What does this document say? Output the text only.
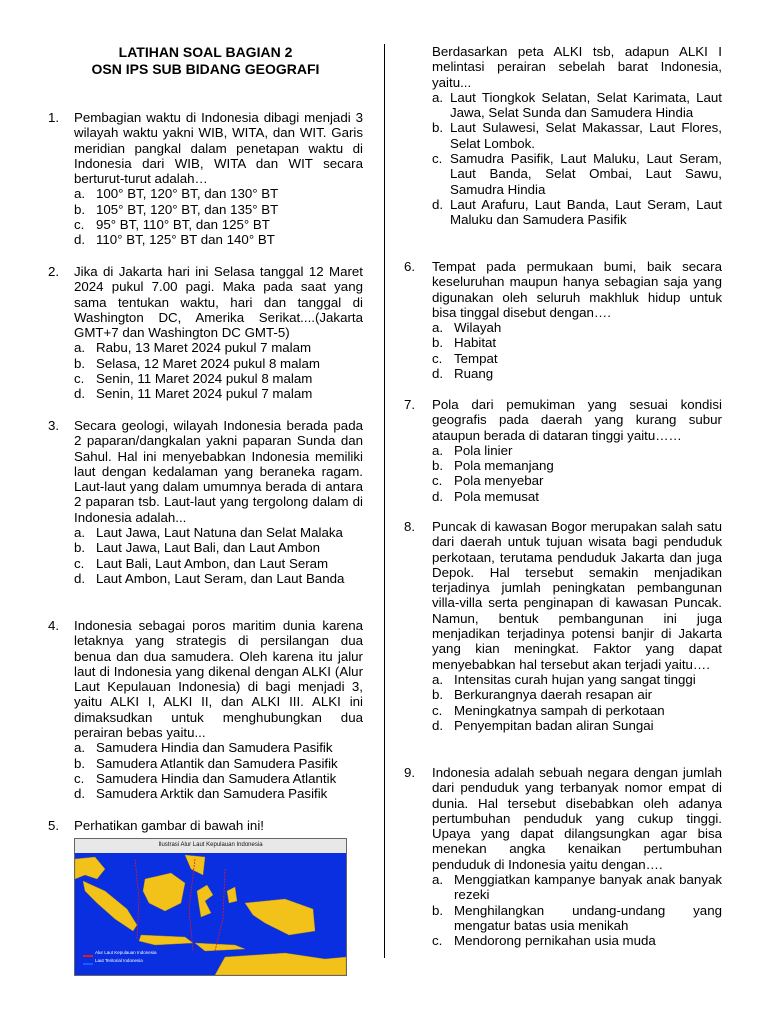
LATIHAN SOAL BAGIAN 2
OSN IPS SUB BIDANG GEOGRAFI
1. Pembagian waktu di Indonesia dibagi menjadi 3 wilayah waktu yakni WIB, WITA, dan WIT. Garis meridian pangkal dalam penetapan waktu di Indonesia dari WIB, WITA dan WIT secara berturut-turut adalah…
a. 100° BT, 120° BT, dan 130° BT
b. 105° BT, 120° BT, dan 135° BT
c. 95° BT, 110° BT, dan 125° BT
d. 110° BT, 125° BT dan 140° BT
2. Jika di Jakarta hari ini Selasa tanggal 12 Maret 2024 pukul 7.00 pagi. Maka pada saat yang sama tentukan waktu, hari dan tanggal di Washington DC, Amerika Serikat....(Jakarta GMT+7 dan Washington DC GMT-5)
a. Rabu, 13 Maret 2024 pukul 7 malam
b. Selasa, 12 Maret 2024 pukul 8 malam
c. Senin, 11 Maret 2024 pukul 8 malam
d. Senin, 11 Maret 2024 pukul 7 malam
3. Secara geologi, wilayah Indonesia berada pada 2 paparan/dangkalan yakni paparan Sunda dan Sahul. Hal ini menyebabkan Indonesia memiliki laut dengan kedalaman yang beraneka ragam. Laut-laut yang dalam umumnya berada di antara 2 paparan tsb. Laut-laut yang tergolong dalam di Indonesia adalah...
a. Laut Jawa, Laut Natuna dan Selat Malaka
b. Laut Jawa, Laut Bali, dan Laut Ambon
c. Laut Bali, Laut Ambon, dan Laut Seram
d. Laut Ambon, Laut Seram, dan Laut Banda
4. Indonesia sebagai poros maritim dunia karena letaknya yang strategis di persilangan dua benua dan dua samudera. Oleh karena itu jalur laut di Indonesia yang dikenal dengan ALKI (Alur Laut Kepulauan Indonesia) di bagi menjadi 3, yaitu ALKI I, ALKI II, dan ALKI III. ALKI ini dimaksudkan untuk menghubungkan dua perairan bebas yaitu...
a. Samudera Hindia dan Samudera Pasifik
b. Samudera Atlantik dan Samudera Pasifik
c. Samudera Hindia dan Samudera Atlantik
d. Samudera Arktik dan Samudera Pasifik
5. Perhatikan gambar di bawah ini!
Ilustrasi Alur Laut Kepulauan Indonesia
Alur Laut Kepulauan Indonesia
Laut Teritorial Indonesia
Berdasarkan peta ALKI tsb, adapun ALKI I melintasi perairan sebelah barat Indonesia, yaitu...
a. Laut Tiongkok Selatan, Selat Karimata, Laut Jawa, Selat Sunda dan Samudera Hindia
b. Laut Sulawesi, Selat Makassar, Laut Flores, Selat Lombok.
c. Samudra Pasifik, Laut Maluku, Laut Seram, Laut Banda, Selat Ombai, Laut Sawu, Samudra Hindia
d. Laut Arafuru, Laut Banda, Laut Seram, Laut Maluku dan Samudera Pasifik
6. Tempat pada permukaan bumi, baik secara keseluruhan maupun hanya sebagian saja yang digunakan oleh seluruh makhluk hidup untuk bisa tinggal disebut dengan….
a. Wilayah
b. Habitat
c. Tempat
d. Ruang
7. Pola dari pemukiman yang sesuai kondisi geografis pada daerah yang kurang subur ataupun berada di dataran tinggi yaitu……
a. Pola linier
b. Pola memanjang
c. Pola menyebar
d. Pola memusat
8. Puncak di kawasan Bogor merupakan salah satu dari daerah untuk tujuan wisata bagi penduduk perkotaan, terutama penduduk Jakarta dan juga Depok. Hal tersebut semakin menjadikan terjadinya jumlah peningkatan pembangunan villa-villa serta penginapan di kawasan Puncak. Namun, bentuk pembangunan ini juga menjadikan terjadinya potensi banjir di Jakarta yang kian meningkat. Faktor yang dapat menyebabkan hal tersebut akan terjadi yaitu….
a. Intensitas curah hujan yang sangat tinggi
b. Berkurangnya daerah resapan air
c. Meningkatnya sampah di perkotaan
d. Penyempitan badan aliran Sungai
9. Indonesia adalah sebuah negara dengan jumlah dari penduduk yang terbanyak nomor empat di dunia. Hal tersebut disebabkan oleh adanya pertumbuhan penduduk yang cukup tinggi. Upaya yang dapat dilangsungkan agar bisa menekan angka kenaikan pertumbuhan penduduk di Indonesia yaitu dengan….
a. Menggiatkan kampanye banyak anak banyak rezeki
b. Menghilangkan undang-undang yang mengatur batas usia menikah
c. Mendorong pernikahan usia muda
